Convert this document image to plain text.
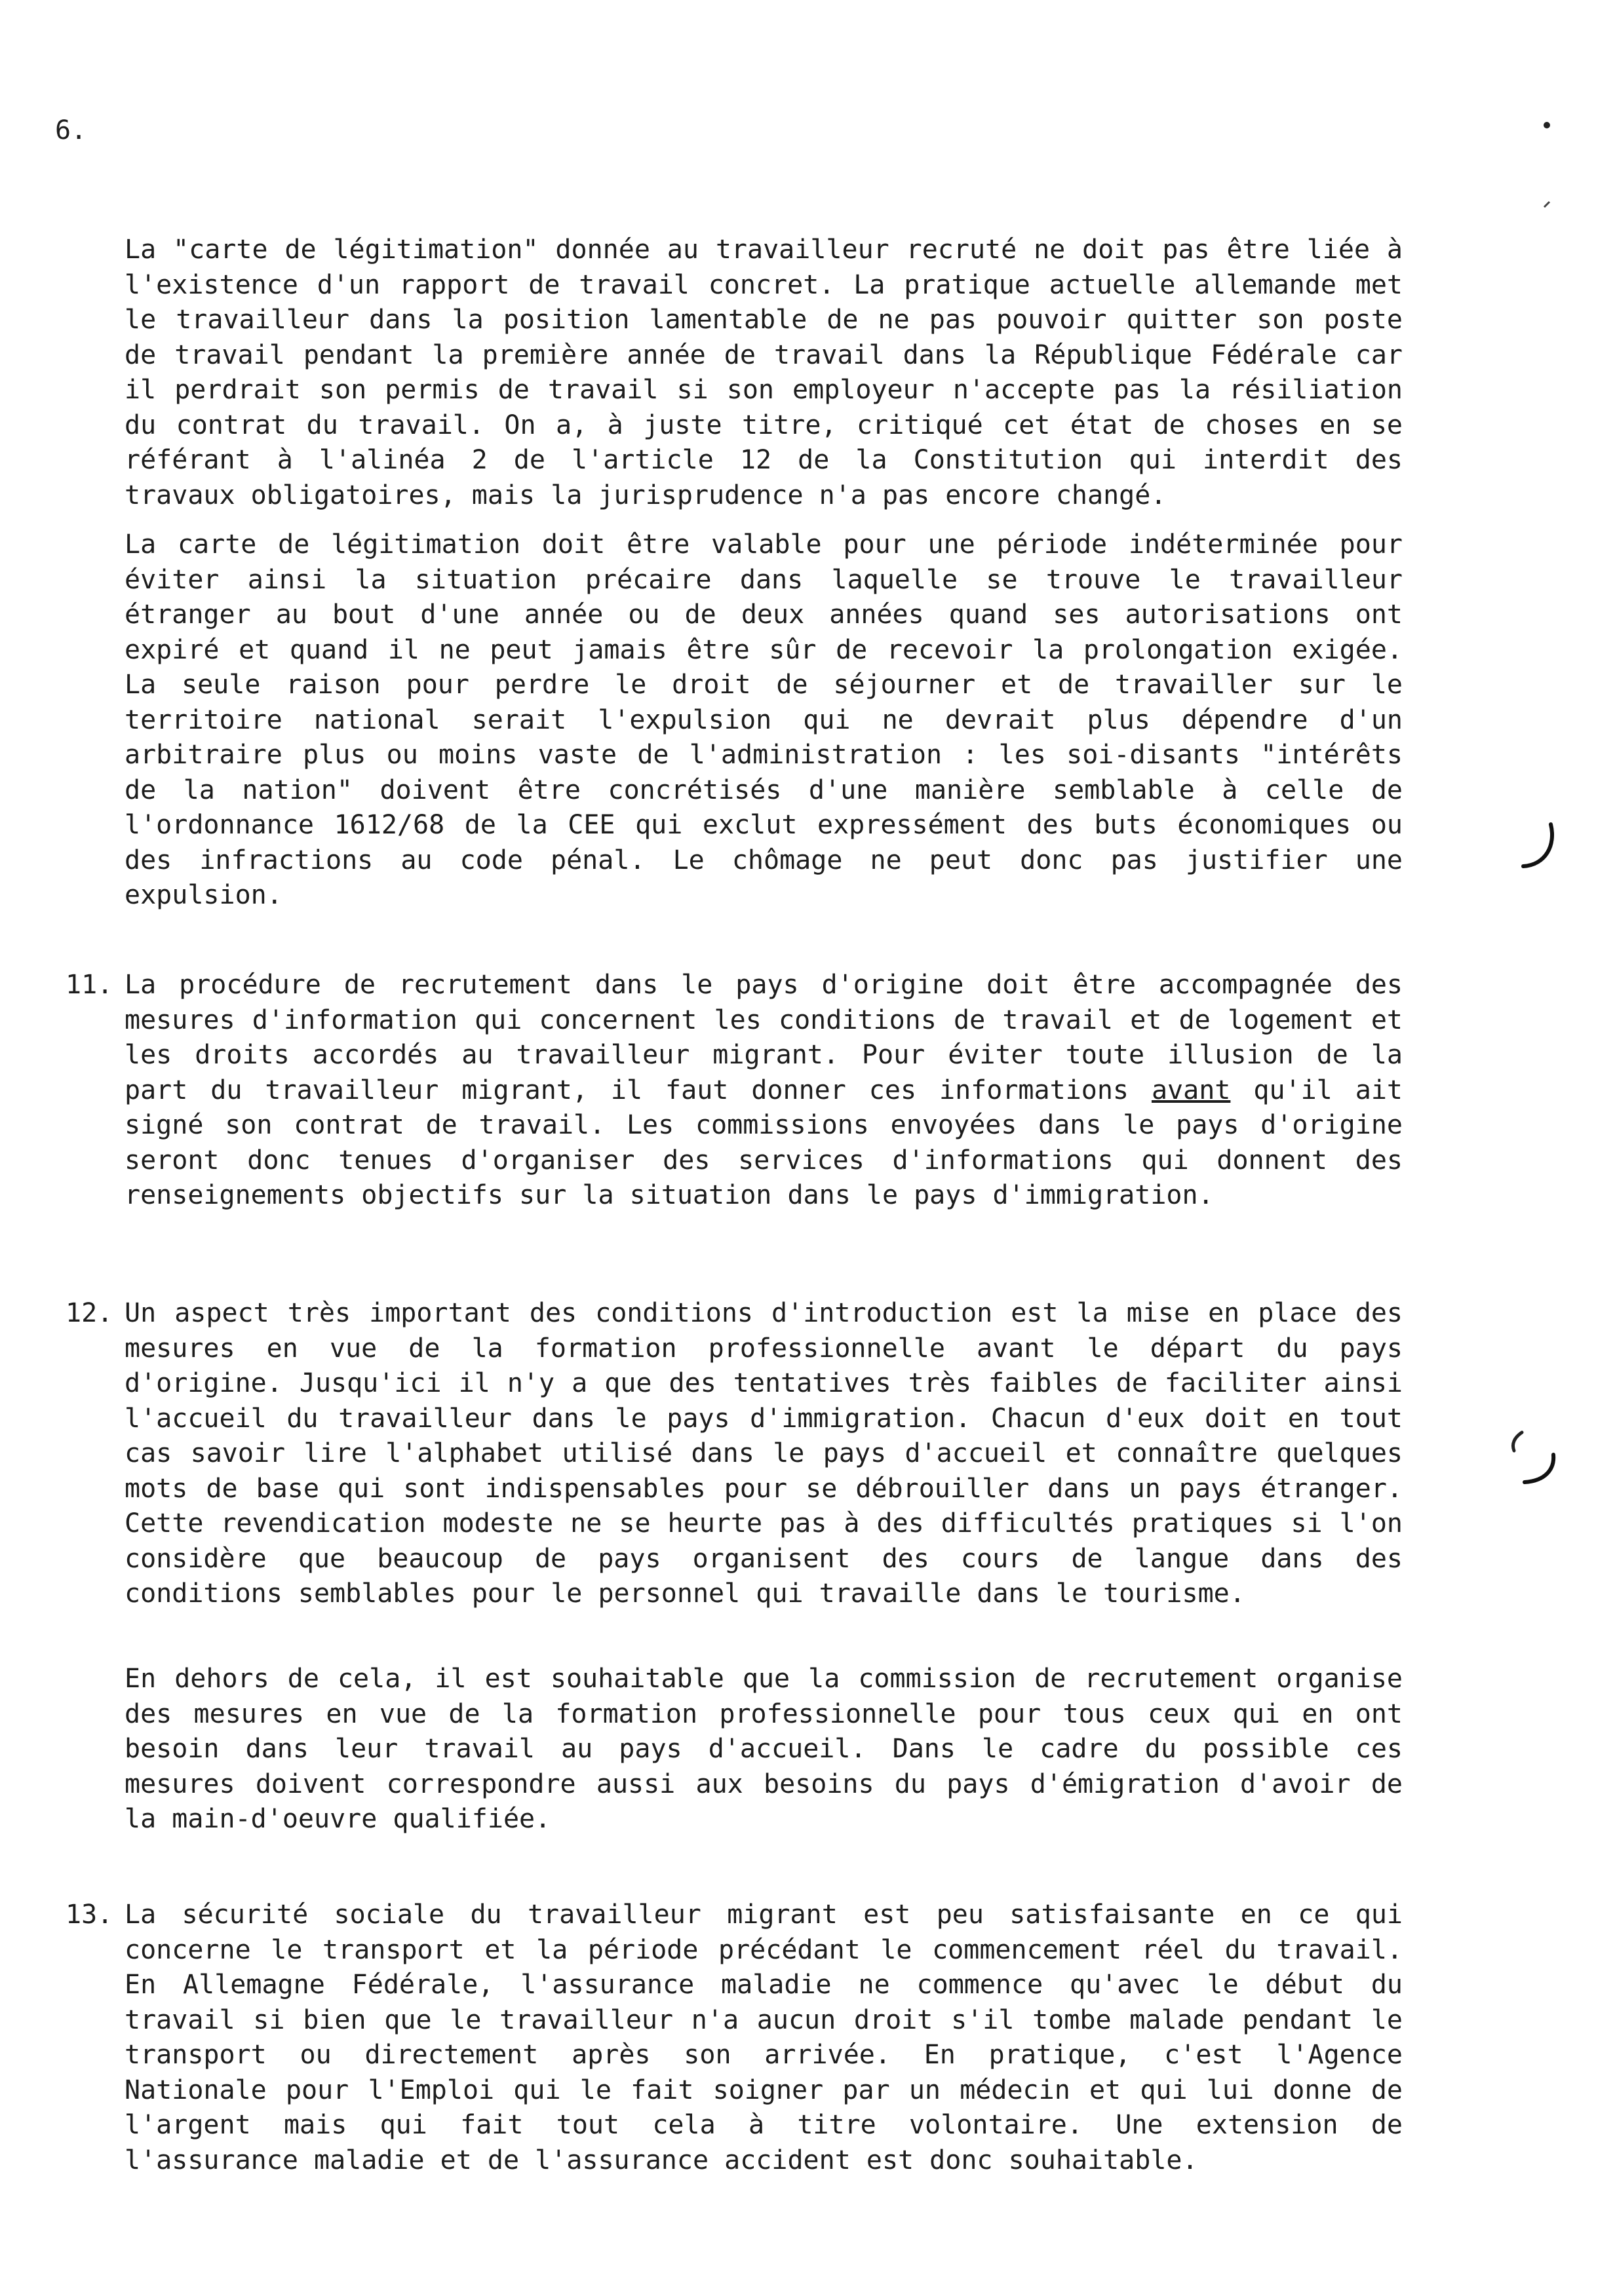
6.
La "carte de légitimation" donnée au travailleur recruté ne doit pas être liée à l'existence d'un rapport de travail concret. La pratique actuelle allemande met le travailleur dans la position lamentable de ne pas pouvoir quitter son poste de travail pendant la première année de travail dans la République Fédérale car il perdrait son permis de travail si son employeur n'accepte pas la résiliation du contrat du travail. On a, à juste titre, critiqué cet état de choses en se référant à l'alinéa 2 de l'article 12 de la Constitution qui interdit des travaux obligatoires, mais la jurisprudence n'a pas encore changé.
La carte de légitimation doit être valable pour une période indéterminée pour éviter ainsi la situation précaire dans laquelle se trouve le travailleur étranger au bout d'une année ou de deux années quand ses autorisations ont expiré et quand il ne peut jamais être sûr de recevoir la prolongation exigée. La seule raison pour perdre le droit de séjourner et de travailler sur le territoire national serait l'expulsion qui ne devrait plus dépendre d'un arbitraire plus ou moins vaste de l'administration : les soi-disants "intérêts de la nation" doivent être concrétisés d'une manière semblable à celle de l'ordonnance 1612/68 de la CEE qui exclut expressément des buts économiques ou des infractions au code pénal. Le chômage ne peut donc pas justifier une expulsion.
11. La procédure de recrutement dans le pays d'origine doit être accompagnée des mesures d'information qui concernent les conditions de travail et de logement et les droits accordés au travailleur migrant. Pour éviter toute illusion de la part du travailleur migrant, il faut donner ces informations avant qu'il ait signé son contrat de travail. Les commissions envoyées dans le pays d'origine seront donc tenues d'organiser des services d'informations qui donnent des renseignements objectifs sur la situation dans le pays d'immigration.
12. Un aspect très important des conditions d'introduction est la mise en place des mesures en vue de la formation professionnelle avant le départ du pays d'origine. Jusqu'ici il n'y a que des tentatives très faibles de faciliter ainsi l'accueil du travailleur dans le pays d'immigration. Chacun d'eux doit en tout cas savoir lire l'alphabet utilisé dans le pays d'accueil et connaître quelques mots de base qui sont indispensables pour se débrouiller dans un pays étranger. Cette revendication modeste ne se heurte pas à des difficultés pratiques si l'on considère que beaucoup de pays organisent des cours de langue dans des conditions semblables pour le personnel qui travaille dans le tourisme.
En dehors de cela, il est souhaitable que la commission de recrutement organise des mesures en vue de la formation professionnelle pour tous ceux qui en ont besoin dans leur travail au pays d'accueil. Dans le cadre du possible ces mesures doivent correspondre aussi aux besoins du pays d'émigration d'avoir de la main-d'oeuvre qualifiée.
13. La sécurité sociale du travailleur migrant est peu satisfaisante en ce qui concerne le transport et la période précédant le commencement réel du travail. En Allemagne Fédérale, l'assurance maladie ne commence qu'avec le début du travail si bien que le travailleur n'a aucun droit s'il tombe malade pendant le transport ou directement après son arrivée. En pratique, c'est l'Agence Nationale pour l'Emploi qui le fait soigner par un médecin et qui lui donne de l'argent mais qui fait tout cela à titre volontaire. Une extension de l'assurance maladie et de l'assurance accident est donc souhaitable.
